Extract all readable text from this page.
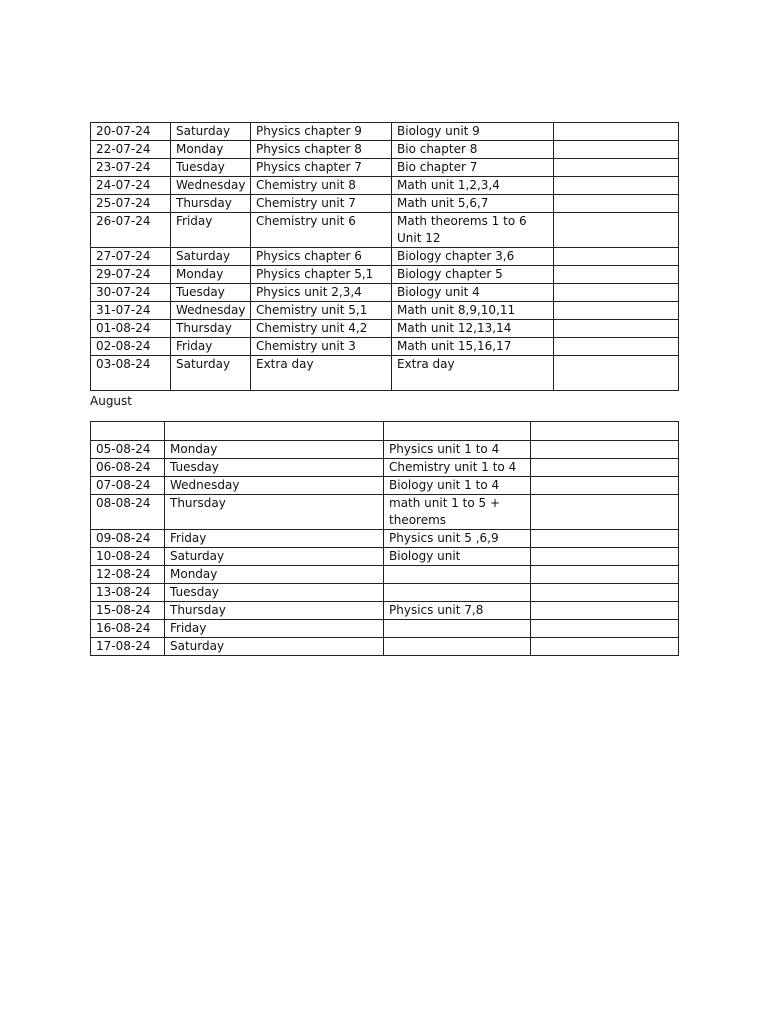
20-07-24	Saturday	Physics chapter 9	Biology unit 9	
22-07-24	Monday	Physics chapter 8	Bio chapter 8	
23-07-24	Tuesday	Physics chapter 7	Bio chapter 7	
24-07-24	Wednesday	Chemistry unit 8	Math unit 1,2,3,4	
25-07-24	Thursday	Chemistry unit 7	Math unit 5,6,7	
26-07-24	Friday	Chemistry unit 6	Math theorems 1 to 6 Unit 12	
27-07-24	Saturday	Physics chapter 6	Biology chapter 3,6	
29-07-24	Monday	Physics chapter 5,1	Biology chapter 5	
30-07-24	Tuesday	Physics unit 2,3,4	Biology unit 4	
31-07-24	Wednesday	Chemistry unit 5,1	Math unit 8,9,10,11	
01-08-24	Thursday	Chemistry unit 4,2	Math unit 12,13,14	
02-08-24	Friday	Chemistry unit 3	Math unit 15,16,17	
03-08-24	Saturday	Extra day	Extra day	
August

05-08-24	Monday	Physics unit 1 to 4	
06-08-24	Tuesday	Chemistry unit 1 to 4	
07-08-24	Wednesday	Biology unit 1 to 4	
08-08-24	Thursday	math unit 1 to 5 + theorems	
09-08-24	Friday	Physics unit 5 ,6,9	
10-08-24	Saturday	Biology unit	
12-08-24	Monday		
13-08-24	Tuesday		
15-08-24	Thursday	Physics unit 7,8	
16-08-24	Friday		
17-08-24	Saturday		
